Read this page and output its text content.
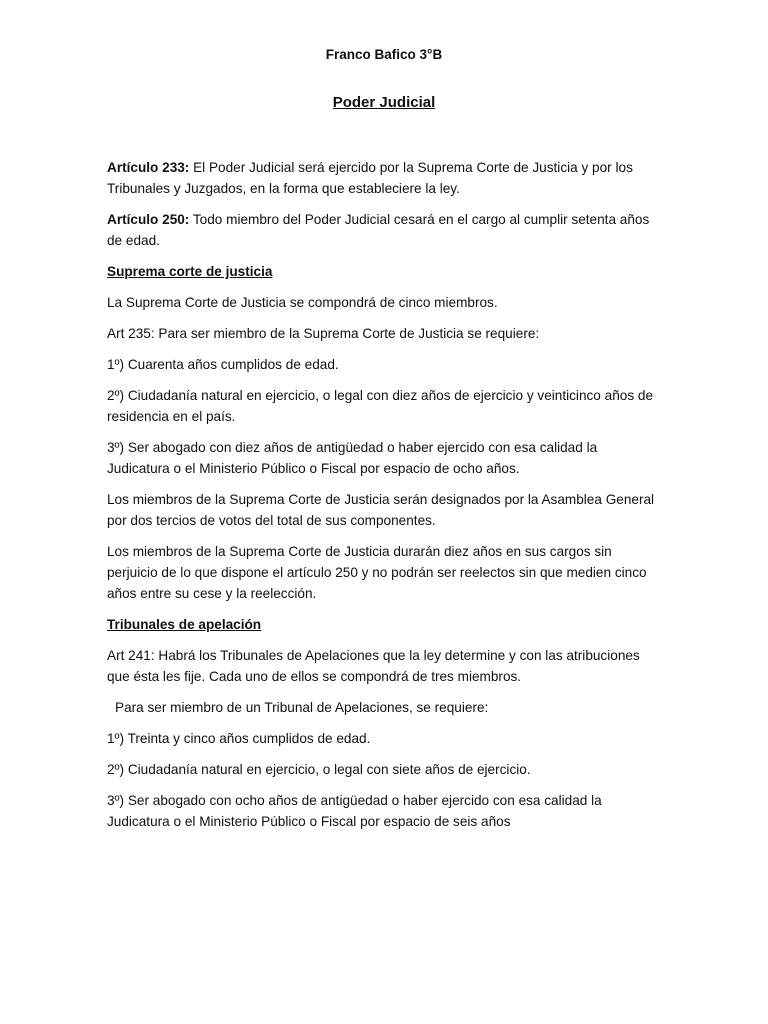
Franco Bafico 3°B
Poder Judicial

Artículo 233: El Poder Judicial será ejercido por la Suprema Corte de Justicia y por los Tribunales y Juzgados, en la forma que estableciere la ley.

Artículo 250: Todo miembro del Poder Judicial cesará en el cargo al cumplir setenta años de edad.

Suprema corte de justicia

La Suprema Corte de Justicia se compondrá de cinco miembros.

Art 235: Para ser miembro de la Suprema Corte de Justicia se requiere:

1º) Cuarenta años cumplidos de edad.

2º) Ciudadanía natural en ejercicio, o legal con diez años de ejercicio y veinticinco años de residencia en el país.

3º) Ser abogado con diez años de antigüedad o haber ejercido con esa calidad la Judicatura o el Ministerio Público o Fiscal por espacio de ocho años.

Los miembros de la Suprema Corte de Justicia serán designados por la Asamblea General por dos tercios de votos del total de sus componentes.

Los miembros de la Suprema Corte de Justicia durarán diez años en sus cargos sin perjuicio de lo que dispone el artículo 250 y no podrán ser reelectos sin que medien cinco años entre su cese y la reelección.

Tribunales de apelación

Art 241: Habrá los Tribunales de Apelaciones que la ley determine y con las atribuciones que ésta les fije. Cada uno de ellos se compondrá de tres miembros.

Para ser miembro de un Tribunal de Apelaciones, se requiere:

1º) Treinta y cinco años cumplidos de edad.

2º) Ciudadanía natural en ejercicio, o legal con siete años de ejercicio.

3º) Ser abogado con ocho años de antigüedad o haber ejercido con esa calidad la Judicatura o el Ministerio Público o Fiscal por espacio de seis años
